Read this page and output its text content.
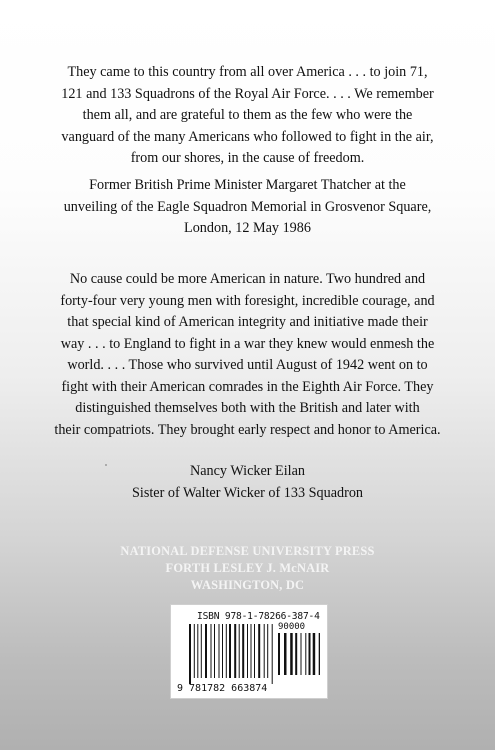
They came to this country from all over America . . . to join 71,
121 and 133 Squadrons of the Royal Air Force. . . . We remember
them all, and are grateful to them as the few who were the
vanguard of the many Americans who followed to fight in the air,
from our shores, in the cause of freedom.
Former British Prime Minister Margaret Thatcher at the
unveiling of the Eagle Squadron Memorial in Grosvenor Square,
London, 12 May 1986
No cause could be more American in nature. Two hundred and
forty-four very young men with foresight, incredible courage, and
that special kind of American integrity and initiative made their
way . . . to England to fight in a war they knew would enmesh the
world. . . . Those who survived until August of 1942 went on to
fight with their American comrades in the Eighth Air Force. They
distinguished themselves both with the British and later with
their compatriots. They brought early respect and honor to America.
Nancy Wicker Eilan
Sister of Walter Wicker of 133 Squadron
NATIONAL DEFENSE UNIVERSITY PRESS
FORTH LESLEY J. McNAIR
WASHINGTON, DC
ISBN 978-1-78266-387-4
90000
9 781782 663874
